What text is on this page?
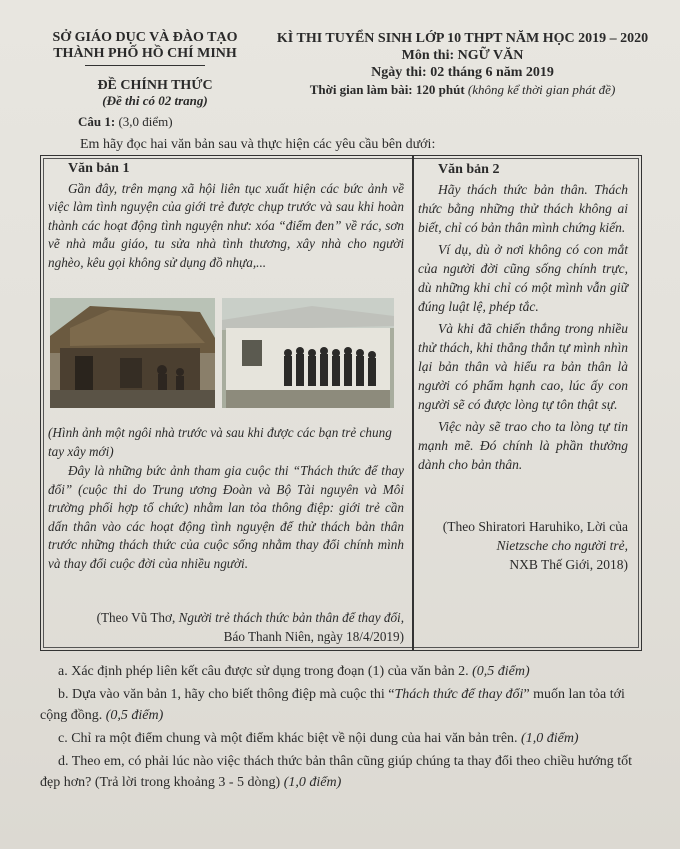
SỞ GIÁO DỤC VÀ ĐÀO TẠO
THÀNH PHỐ HỒ CHÍ MINH
KÌ THI TUYỂN SINH LỚP 10 THPT NĂM HỌC 2019 – 2020
Môn thi: NGỮ VĂN
Ngày thi: 02 tháng 6 năm 2019
Thời gian làm bài: 120 phút (không kể thời gian phát đề)
ĐỀ CHÍNH THỨC
(Đề thi có 02 trang)
Câu 1: (3,0 điểm)
Em hãy đọc hai văn bản sau và thực hiện các yêu cầu bên dưới:
Văn bản 1

Gần đây, trên mạng xã hội liên tục xuất hiện các bức ảnh về việc làm tình nguyện của giới trẻ được chụp trước và sau khi hoàn thành các hoạt động tình nguyện như: xóa “điểm đen” về rác, sơn vẽ nhà mẫu giáo, tu sửa nhà tình thương, xây nhà cho người nghèo, kêu gọi không sử dụng đồ nhựa,...

(Hình ảnh một ngôi nhà trước và sau khi được các bạn trẻ chung tay xây mới)

Đây là những bức ảnh tham gia cuộc thi “Thách thức để thay đổi” (cuộc thi do Trung ương Đoàn và Bộ Tài nguyên và Môi trường phối hợp tổ chức) nhằm lan tỏa thông điệp: giới trẻ cần dấn thân vào các hoạt động tình nguyện để thử thách bản thân trước những thách thức của cuộc sống nhằm thay đổi chính mình và thay đổi cuộc đời của nhiều người.

(Theo Vũ Thơ, Người trẻ thách thức bản thân để thay đổi,
Báo Thanh Niên, ngày 18/4/2019)
Văn bản 2

Hãy thách thức bản thân. Thách thức bằng những thử thách không ai biết, chỉ có bản thân mình chứng kiến.

Ví dụ, dù ở nơi không có con mắt của người đời cũng sống chính trực, dù những khi chỉ có một mình vẫn giữ đúng luật lệ, phép tắc.

Và khi đã chiến thắng trong nhiều thử thách, khi thẳng thắn tự mình nhìn lại bản thân và hiểu ra bản thân là người có phẩm hạnh cao, lúc ấy con người sẽ có được lòng tự tôn thật sự.

Việc này sẽ trao cho ta lòng tự tin mạnh mẽ. Đó chính là phần thưởng dành cho bản thân.

(Theo Shiratori Haruhiko, Lời của
Nietzsche cho người trẻ,
NXB Thế Giới, 2018)

a. Xác định phép liên kết câu được sử dụng trong đoạn (1) của văn bản 2. (0,5 điểm)

b. Dựa vào văn bản 1, hãy cho biết thông điệp mà cuộc thi “Thách thức để thay đổi” muốn lan tỏa tới cộng đồng. (0,5 điểm)

c. Chỉ ra một điểm chung và một điểm khác biệt về nội dung của hai văn bản trên. (1,0 điểm)

d. Theo em, có phải lúc nào việc thách thức bản thân cũng giúp chúng ta thay đổi theo chiều hướng tốt đẹp hơn? (Trả lời trong khoảng 3 - 5 dòng) (1,0 điểm)
